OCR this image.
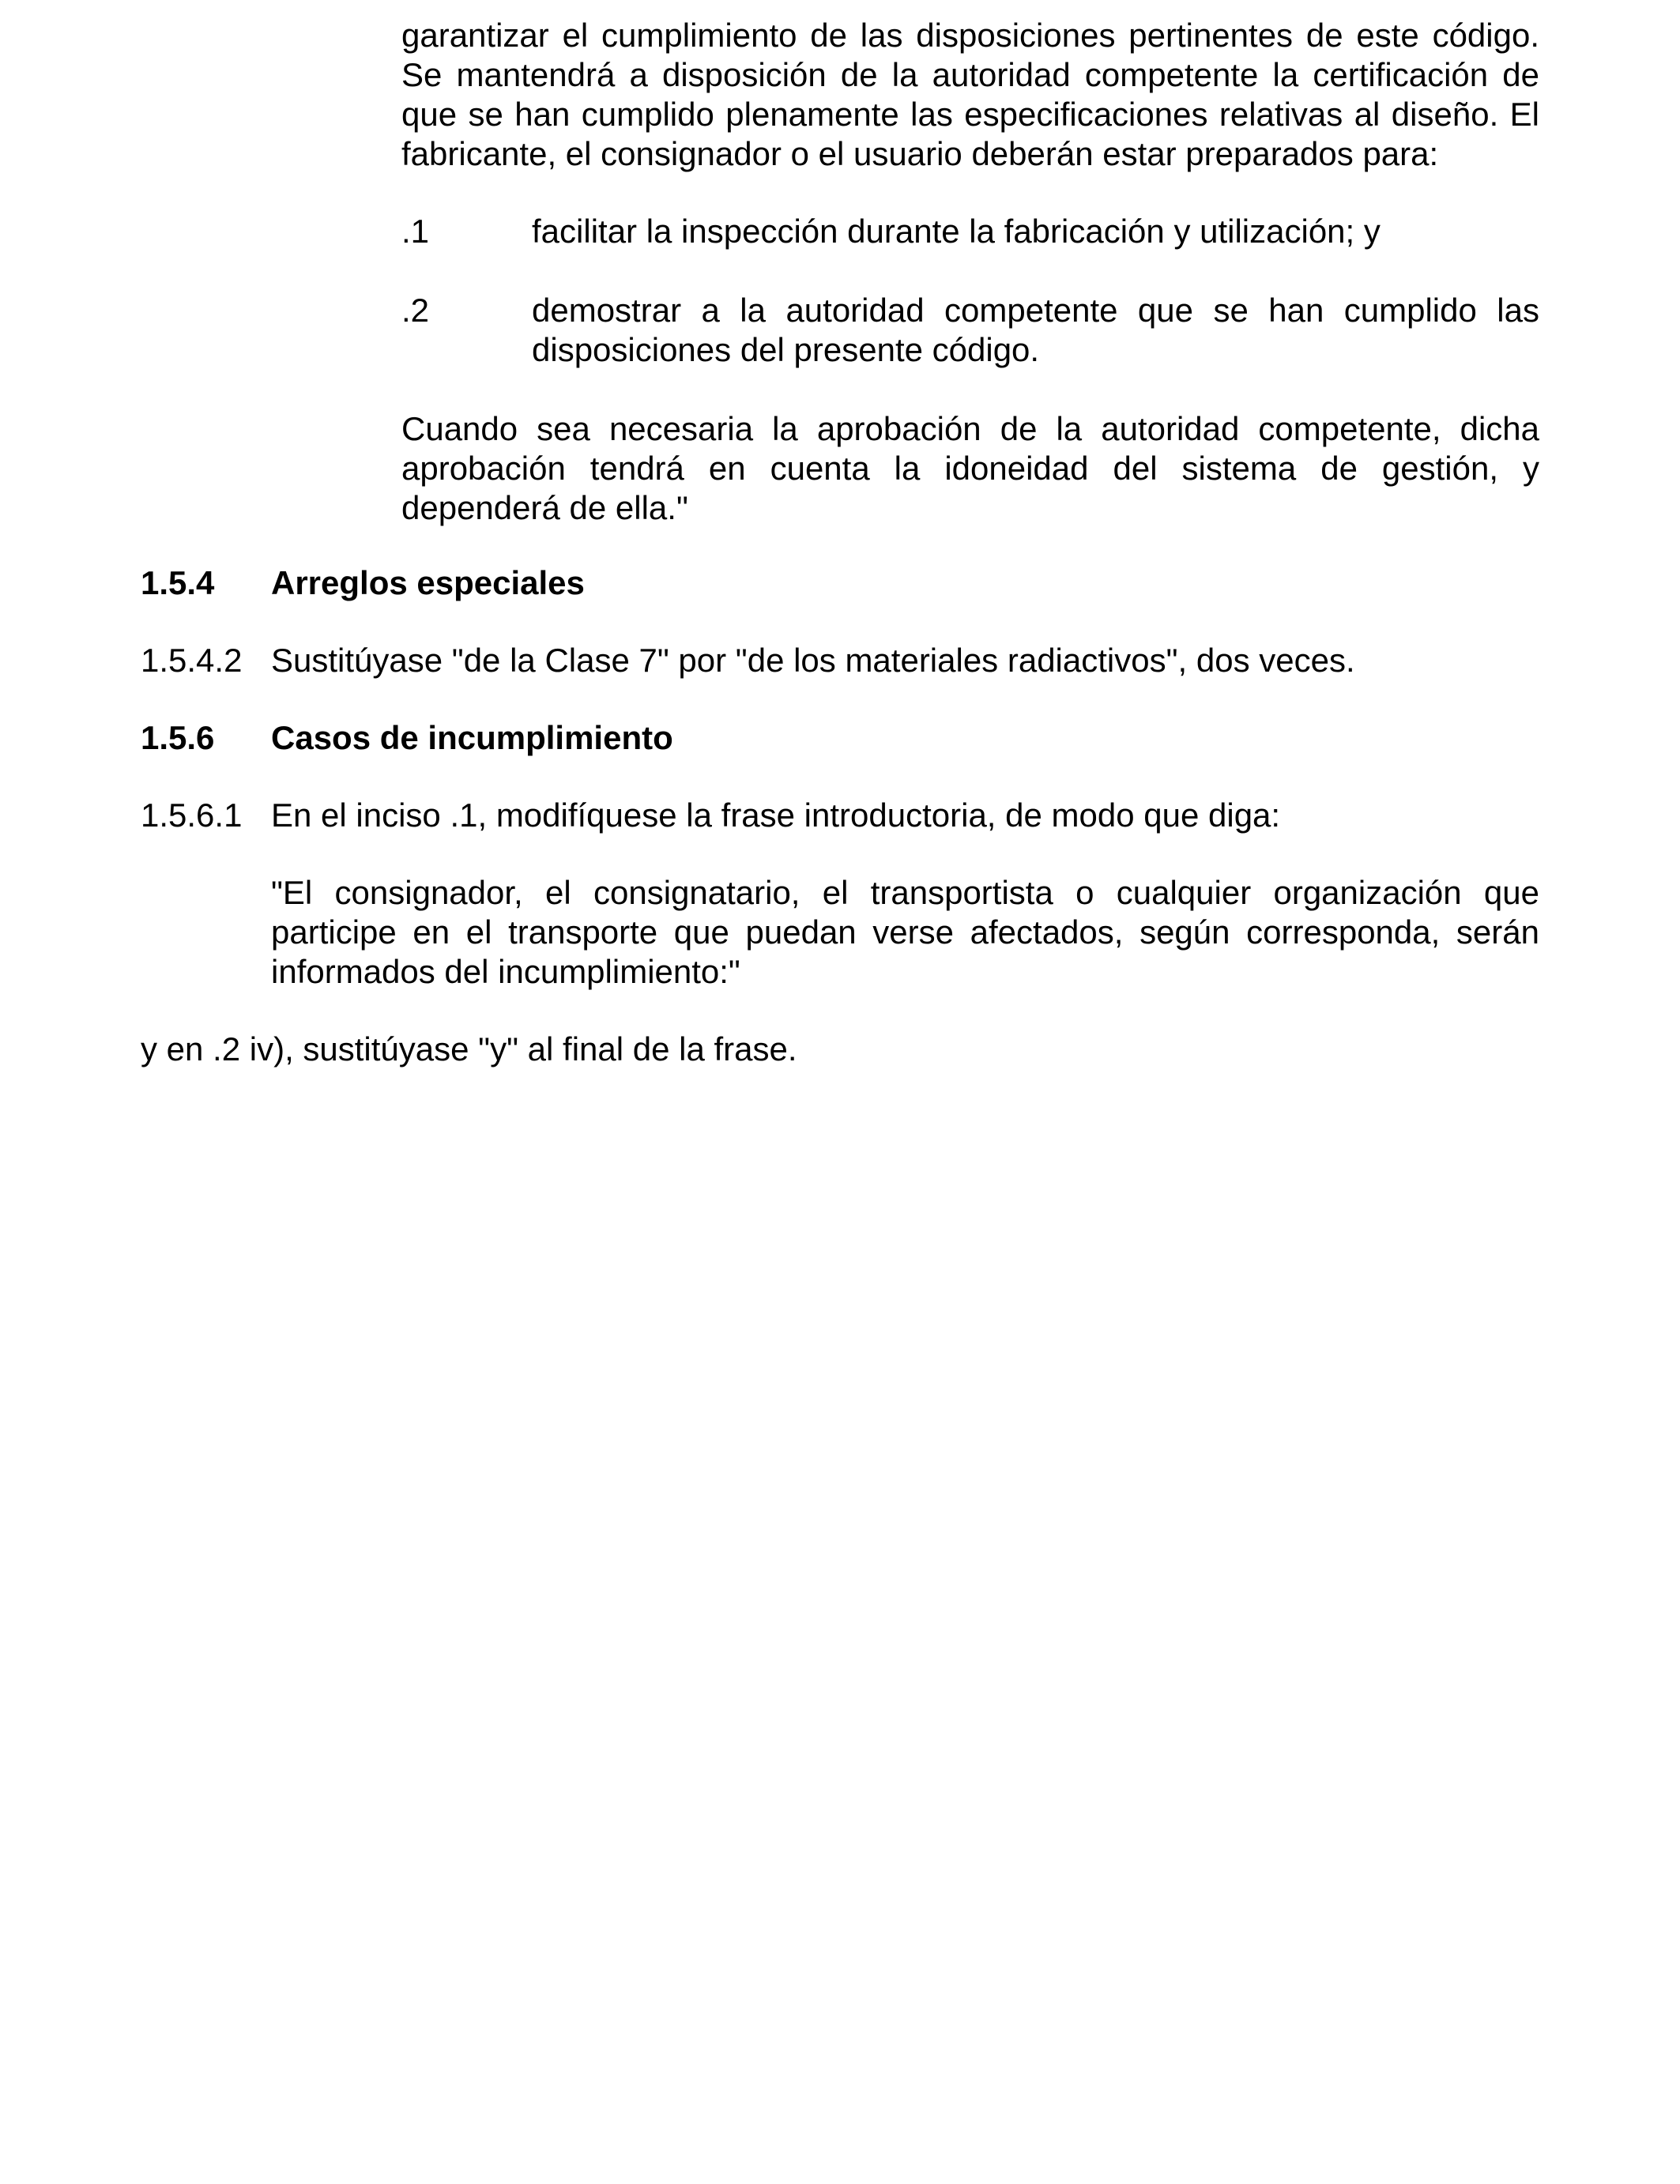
garantizar el cumplimiento de las disposiciones pertinentes de este código. Se mantendrá a disposición de la autoridad competente la certificación de que se han cumplido plenamente las especificaciones relativas al diseño. El fabricante, el consignador o el usuario deberán estar preparados para:

.1	facilitar la inspección durante la fabricación y utilización; y
.2	demostrar a la autoridad competente que se han cumplido las disposiciones del presente código.

Cuando sea necesaria la aprobación de la autoridad competente, dicha aprobación tendrá en cuenta la idoneidad del sistema de gestión, y dependerá de ella."

1.5.4 Arreglos especiales
1.5.4.2 Sustitúyase "de la Clase 7" por "de los materiales radiactivos", dos veces.
1.5.6 Casos de incumplimiento
1.5.6.1 En el inciso .1, modifíquese la frase introductoria, de modo que diga:

"El consignador, el consignatario, el transportista o cualquier organización que participe en el transporte que puedan verse afectados, según corresponda, serán informados del incumplimiento:"

y en .2 iv), sustitúyase "y" al final de la frase.
